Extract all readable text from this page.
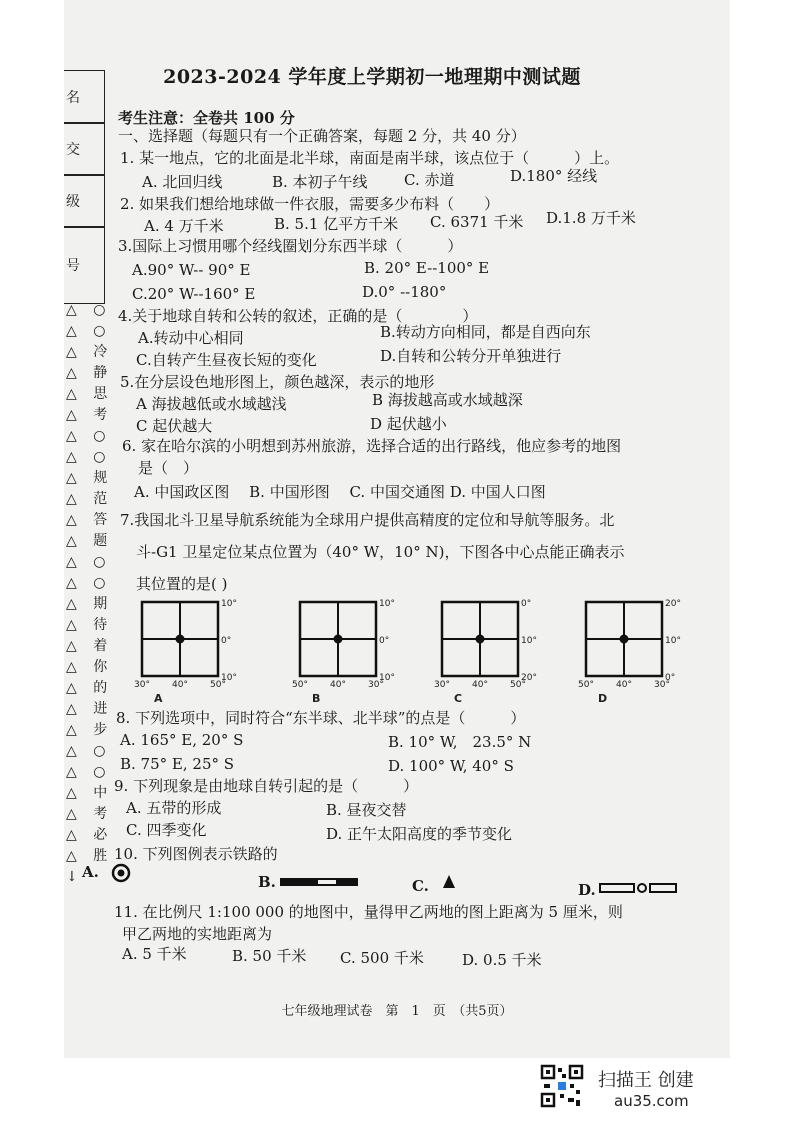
名
交
级
号
△ ○
△ ○
△ 冷
△ 静
△ 思
△ 考
△ ○
△ ○
△ 规
△ 范
△ 答
△ 题
△ ○
△ ○
△ 期
△ 待
△ 着
△ 你
△ 的
△ 进
△ 步
△ ○
△ ○
△ 中
△ 考
△ 必
△ 胜
↓
2023-2024 学年度上学期初一地理期中测试题
考生注意：全卷共 100 分
一、选择题（每题只有一个正确答案，每题 2 分，共 40 分）
1. 某一地点，它的北面是北半球，南面是南半球，该点位于（　　　）上。
A. 北回归线	B. 本初子午线 C. 赤道	D.180° 经线
2. 如果我们想给地球做一件衣服，需要多少布料（　　）
A. 4 万千米	B. 5.1 亿平方千米 C. 6371 千米 D.1.8 万千米
3.国际上习惯用哪个经线圈划分东西半球（　　　）
A.90° W-- 90° E	B. 20° E--100° E
C.20° W--160° E	D.0° --180°
4.关于地球自转和公转的叙述，正确的是（　　　　）
A.转动中心相同	B.转动方向相同，都是自西向东
C.自转产生昼夜长短的变化	D.自转和公转分开单独进行
5.在分层设色地形图上，颜色越深，表示的地形
A 海拔越低或水域越浅	B 海拔越高或水域越深
C 起伏越大	D 起伏越小
6. 家在哈尔滨的小明想到苏州旅游，选择合适的出行路线，他应参考的地图
是（　）
A. 中国政区图　 B. 中国形图　 C. 中国交通图 D. 中国人口图
7.我国北斗卫星导航系统能为全球用户提供高精度的定位和导航等服务。北
斗-G1 卫星定位某点位置为（40° W，10° N)，下图各中心点能正确表示
其位置的是( )
10°
0°
10°
30° 40° 50°
A
10°
0°
10°
50° 40° 30°
B
0°
10°
20°
30° 40° 50°
C
20°
10°
0°
50° 40° 30°
D
8. 下列选项中，同时符合“东半球、北半球”的点是（　　　）
A. 165° E, 20° S	B. 10° W,　23.5° N
B. 75° E, 25° S	D. 100° W, 40° S
9. 下列现象是由地球自转引起的是（　　　）
A. 五带的形成	B. 昼夜交替
C. 四季变化	D. 正午太阳高度的季节变化
10. 下列图例表示铁路的
A.
B.	C.	D.
11. 在比例尺 1:100 000 的地图中，量得甲乙两地的图上距离为 5 厘米，则
甲乙两地的实地距离为
A. 5 千米	B. 50 千米 C. 500 千米	D. 0.5 千米
七年级地理试卷　第　1　页　（共5页）
扫描王 创建
au35.com
